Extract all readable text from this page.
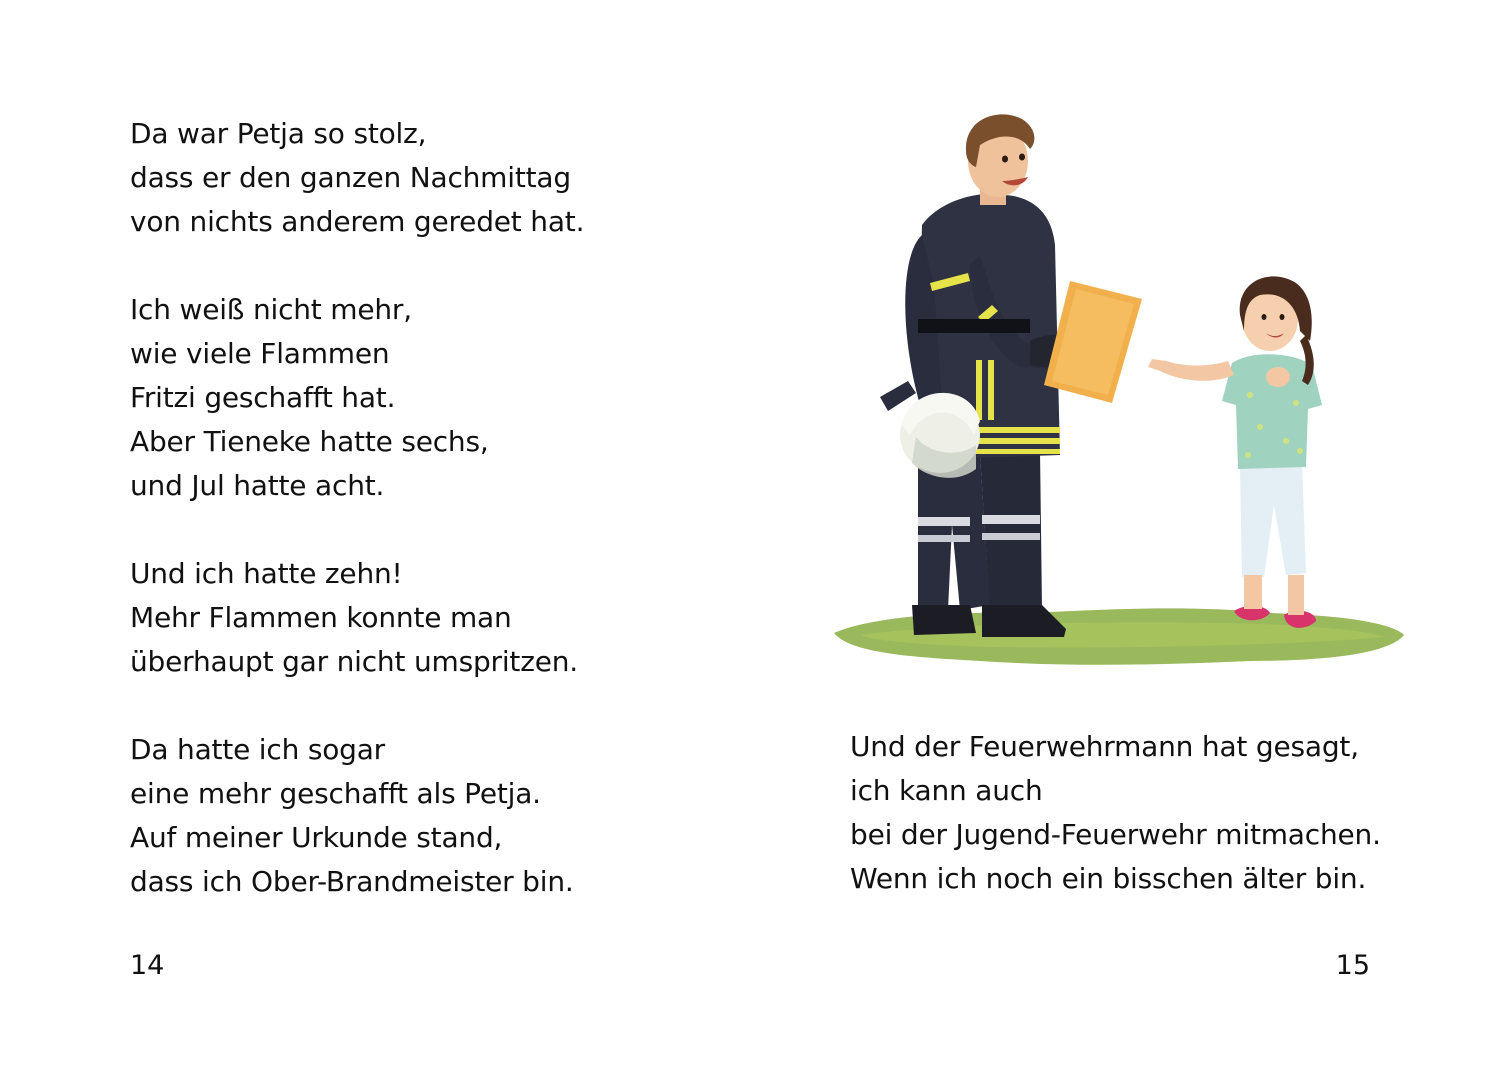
Da war Petja so stolz,
dass er den ganzen Nachmittag
von nichts anderem geredet hat.

Ich weiß nicht mehr,
wie viele Flammen
Fritzi geschafft hat.
Aber Tieneke hatte sechs,
und Jul hatte acht.

Und ich hatte zehn!
Mehr Flammen konnte man
überhaupt gar nicht umspritzen.

Da hatte ich sogar
eine mehr geschafft als Petja.
Auf meiner Urkunde stand,
dass ich Ober-Brandmeister bin.

14

Und der Feuerwehrmann hat gesagt,
ich kann auch
bei der Jugend-Feuerwehr mitmachen.
Wenn ich noch ein bisschen älter bin.

15
